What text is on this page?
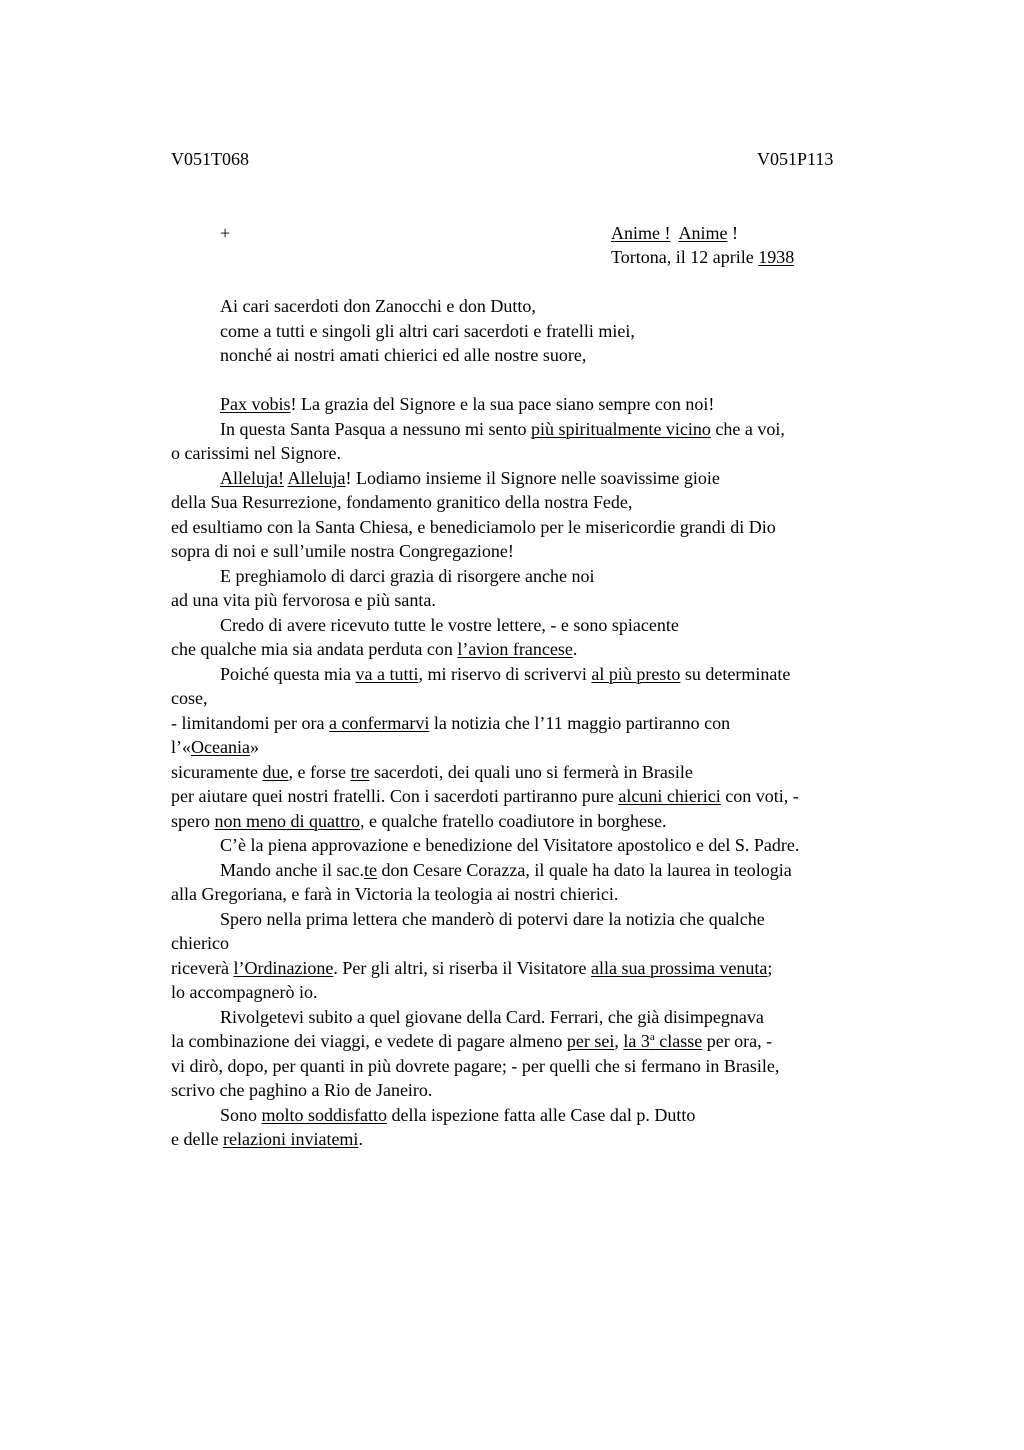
V051T068	V051P113
+	Anime ! Anime !
Tortona, il 12 aprile 1938
Ai cari sacerdoti don Zanocchi e don Dutto,
come a tutti e singoli gli altri cari sacerdoti e fratelli miei,
nonché ai nostri amati chierici ed alle nostre suore,
Pax vobis! La grazia del Signore e la sua pace siano sempre con noi!
In questa Santa Pasqua a nessuno mi sento più spiritualmente vicino che a voi,
o carissimi nel Signore.
Alleluja! Alleluja! Lodiamo insieme il Signore nelle soavissime gioie
della Sua Resurrezione, fondamento granitico della nostra Fede,
ed esultiamo con la Santa Chiesa, e benediciamolo per le misericordie grandi di Dio
sopra di noi e sull’umile nostra Congregazione!
E preghiamolo di darci grazia di risorgere anche noi
ad una vita più fervorosa e più santa.
Credo di avere ricevuto tutte le vostre lettere, - e sono spiacente
che qualche mia sia andata perduta con l’avion francese.
Poiché questa mia va a tutti, mi riservo di scrivervi al più presto su determinate
cose,
- limitandomi per ora a confermarvi la notizia che l’11 maggio partiranno con
l’«Oceania»
sicuramente due, e forse tre sacerdoti, dei quali uno si fermerà in Brasile
per aiutare quei nostri fratelli. Con i sacerdoti partiranno pure alcuni chierici con voti, -
spero non meno di quattro, e qualche fratello coadiutore in borghese.
C’è la piena approvazione e benedizione del Visitatore apostolico e del S. Padre.
Mando anche il sac.te don Cesare Corazza, il quale ha dato la laurea in teologia
alla Gregoriana, e farà in Victoria la teologia ai nostri chierici.
Spero nella prima lettera che manderò di potervi dare la notizia che qualche
chierico
riceverà l’Ordinazione. Per gli altri, si riserba il Visitatore alla sua prossima venuta;
lo accompagnerò io.
Rivolgetevi subito a quel giovane della Card. Ferrari, che già disimpegnava
la combinazione dei viaggi, e vedete di pagare almeno per sei, la 3$^a$ classe per ora, -
vi dirò, dopo, per quanti in più dovrete pagare; - per quelli che si fermano in Brasile,
scrivo che paghino a Rio de Janeiro.
Sono molto soddisfatto della ispezione fatta alle Case dal p. Dutto
e delle relazioni inviatemi.
